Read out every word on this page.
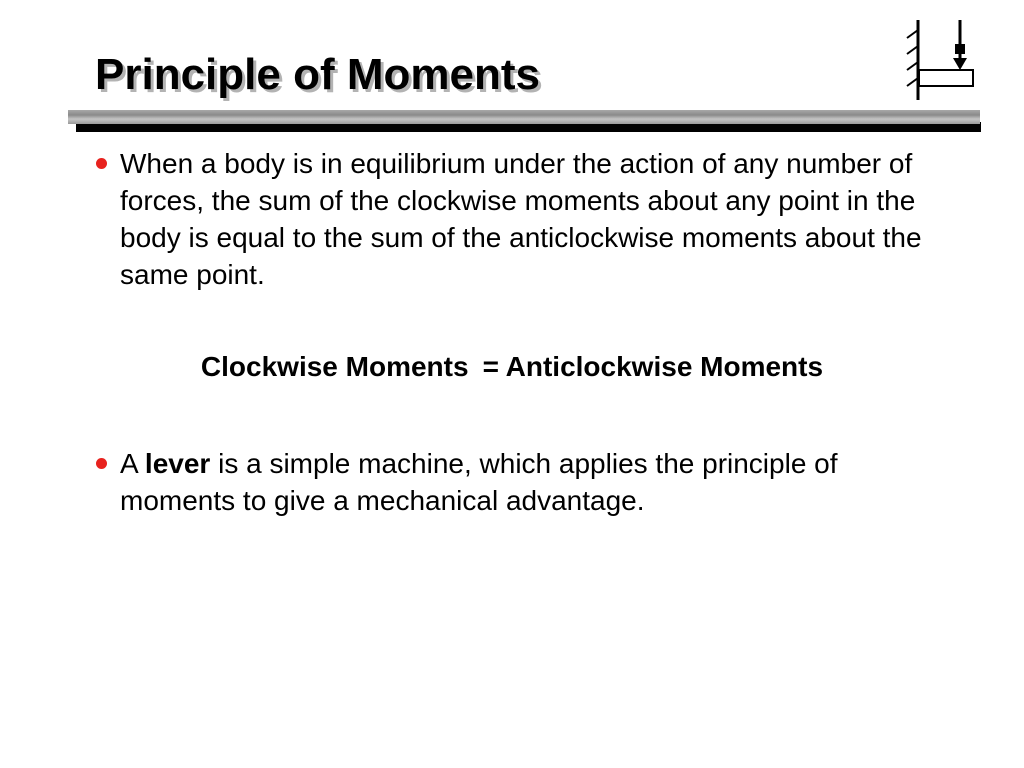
Principle of Moments
When a body is in equilibrium under the action of any number of forces, the sum of the clockwise moments about any point in the body is equal to the sum of the anticlockwise moments about the same point.
Clockwise Moments = Anticlockwise Moments
A lever is a simple machine, which applies the principle of moments to give a mechanical advantage.
